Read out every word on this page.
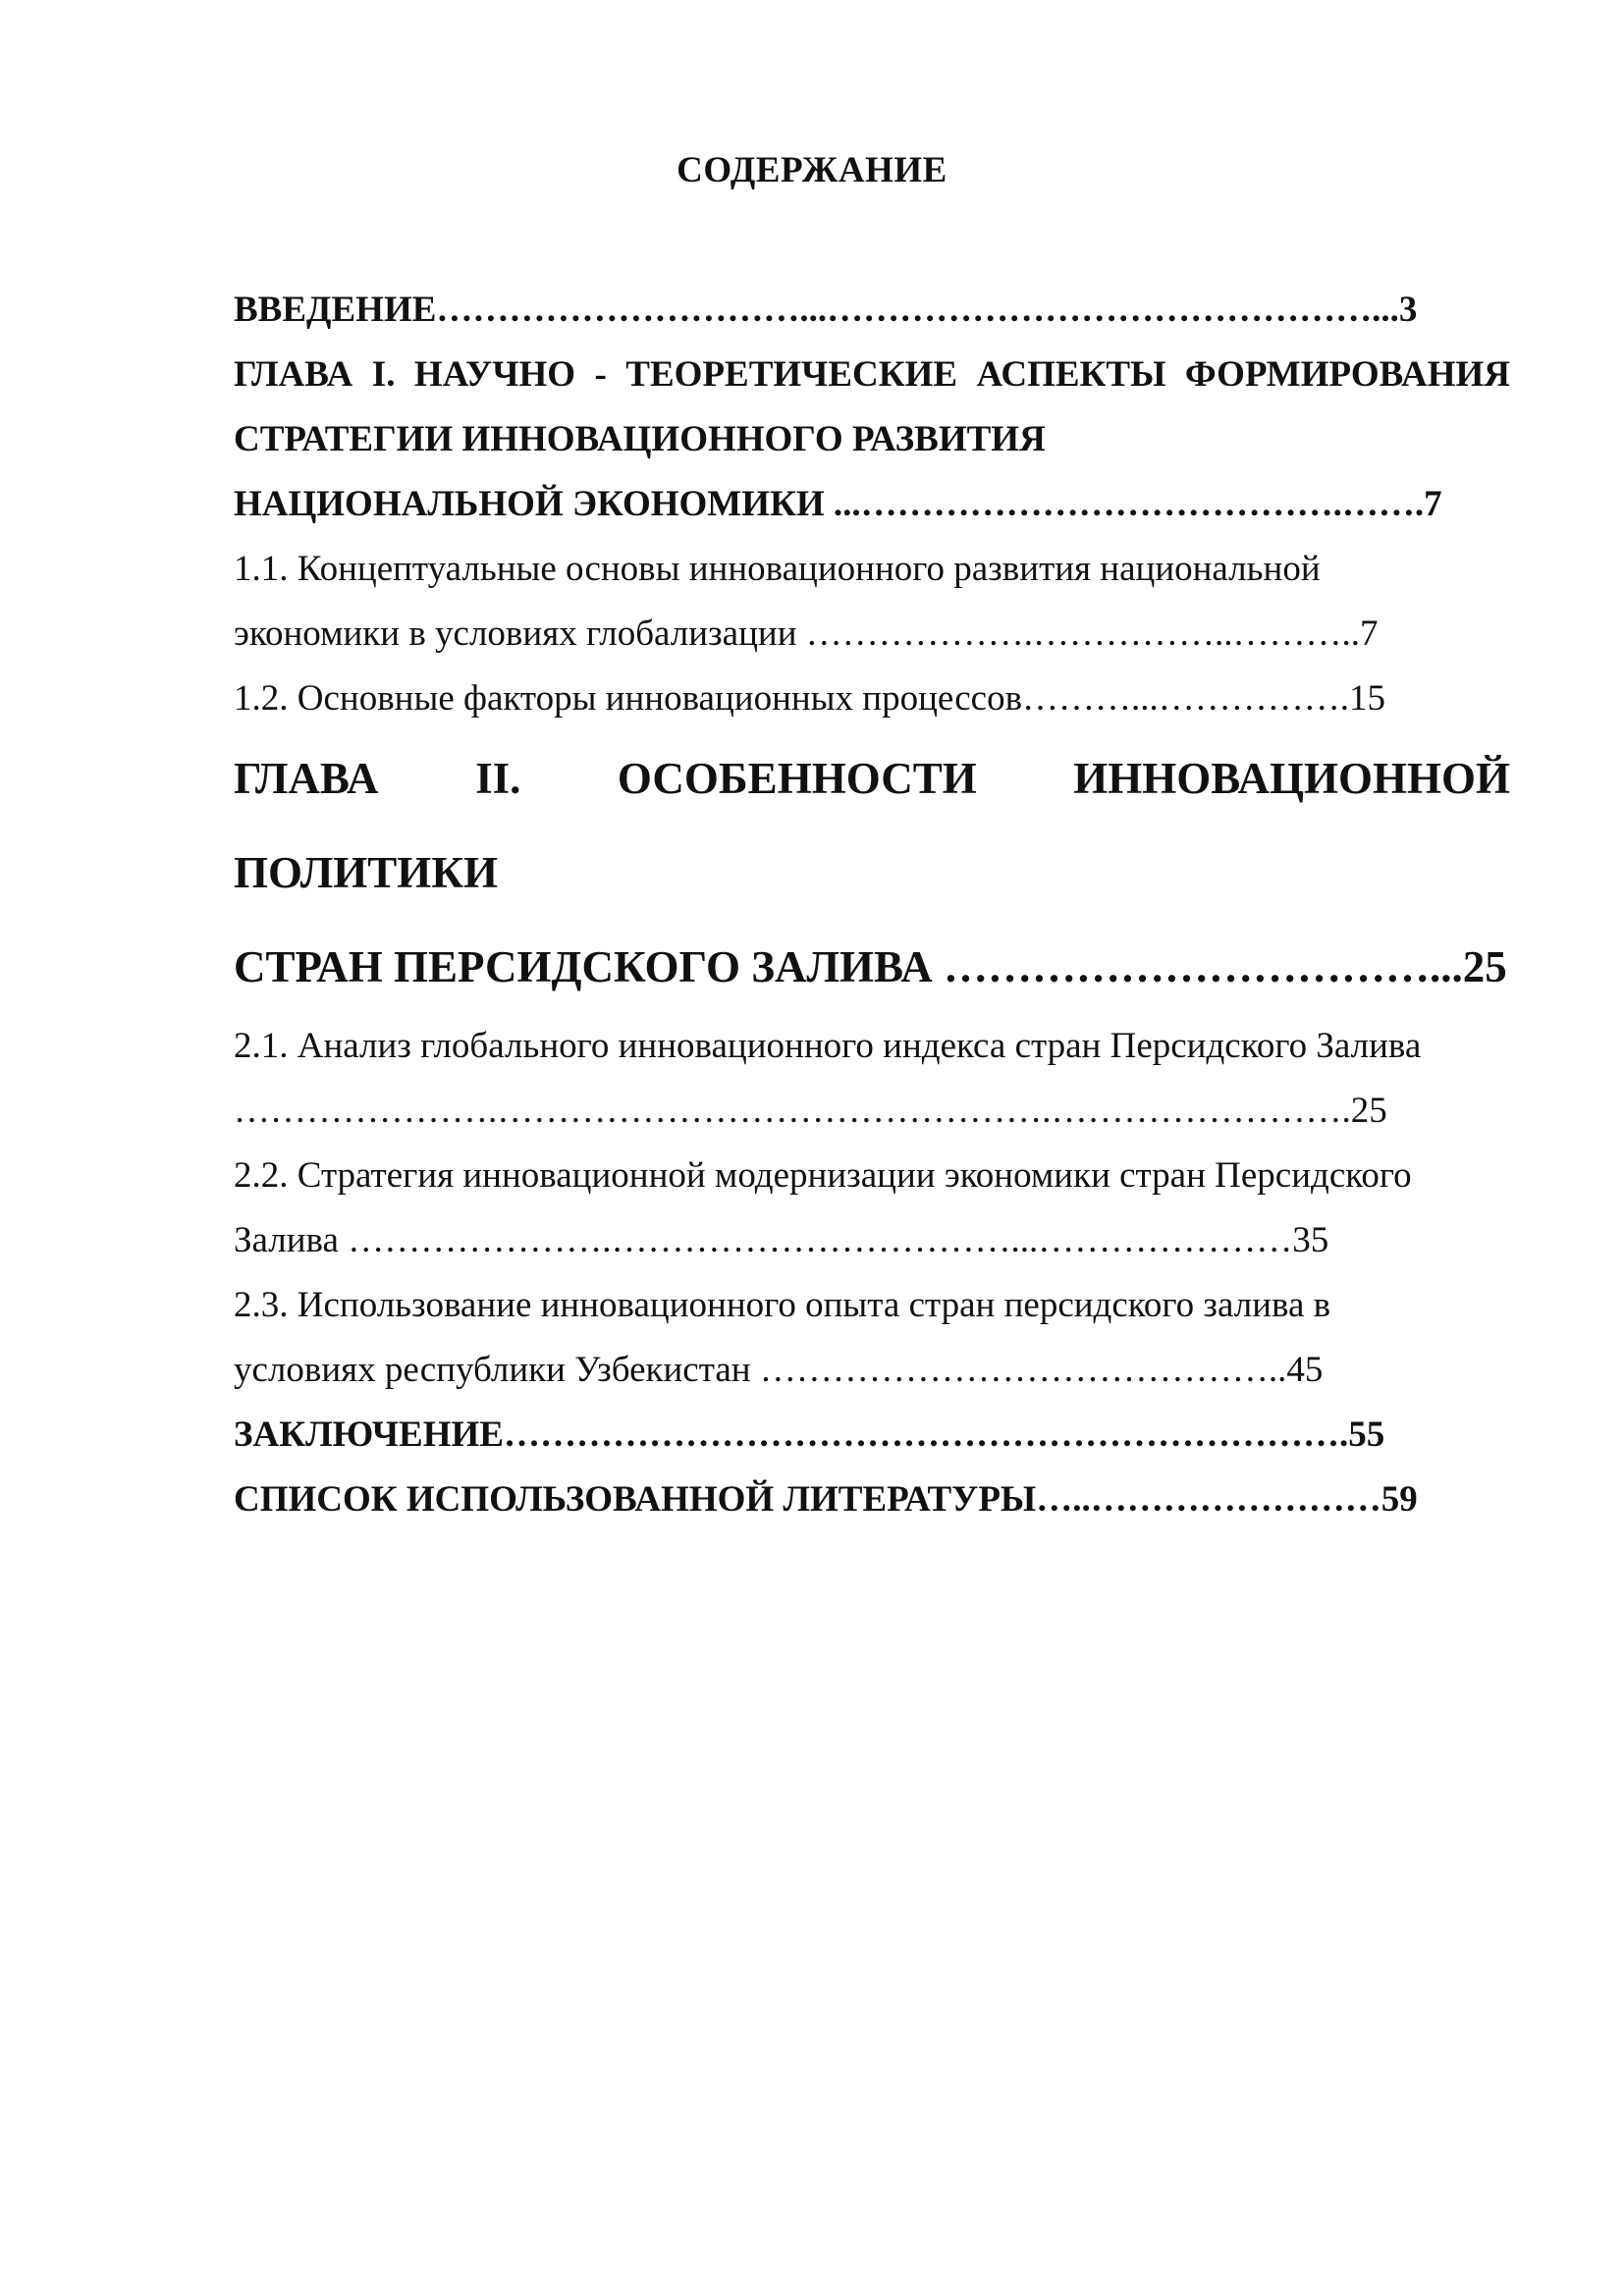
СОДЕРЖАНИЕ

ВВЕДЕНИЕ…………………………...………………………………………...3

ГЛАВА I. НАУЧНО - ТЕОРЕТИЧЕСКИЕ АСПЕКТЫ ФОРМИРОВАНИЯ СТРАТЕГИИ ИННОВАЦИОННОГО РАЗВИТИЯ

НАЦИОНАЛЬНОЙ ЭКОНОМИКИ ...………………………………….…….7

1.1. Концептуальные основы инновационного развития национальной

экономики в условиях глобализации ……………….……………..………..7

1.2. Основные факторы инновационных процессов………...…………….15

ГЛАВА II. ОСОБЕННОСТИ ИННОВАЦИОННОЙ ПОЛИТИКИ

СТРАН ПЕРСИДСКОГО ЗАЛИВА ……………………………...25

2.1. Анализ глобального инновационного индекса стран Персидского Залива

………………….……………………………………….…………………….25

2.2. Стратегия инновационной модернизации экономики стран Персидского

Залива ………………….……………………………...…………………35

2.3. Использование инновационного опыта стран персидского залива в

условиях республики Узбекистан ……………………………………..45

ЗАКЛЮЧЕНИЕ…………………………………………………………….55

СПИСОК ИСПОЛЬЗОВАННОЙ ЛИТЕРАТУРЫ…..……………………59
